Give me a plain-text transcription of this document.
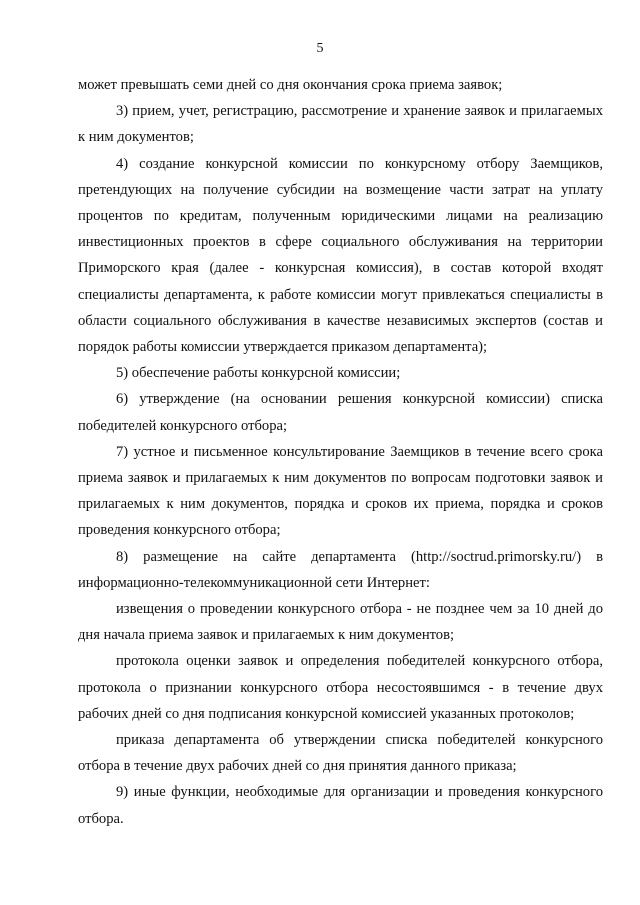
5

может превышать семи дней со дня окончания срока приема заявок;

3) прием, учет, регистрацию, рассмотрение и хранение заявок и прилагаемых к ним документов;

4) создание конкурсной комиссии по конкурсному отбору Заемщиков, претендующих на получение субсидии на возмещение части затрат на уплату процентов по кредитам, полученным юридическими лицами на реализацию инвестиционных проектов в сфере социального обслуживания на территории Приморского края (далее - конкурсная комиссия), в состав которой входят специалисты департамента, к работе комиссии могут привлекаться специалисты в области социального обслуживания в качестве независимых экспертов (состав и порядок работы комиссии утверждается приказом департамента);

5) обеспечение работы конкурсной комиссии;

6) утверждение (на основании решения конкурсной комиссии) списка победителей конкурсного отбора;

7) устное и письменное консультирование Заемщиков в течение всего срока приема заявок и прилагаемых к ним документов по вопросам подготовки заявок и прилагаемых к ним документов, порядка и сроков их приема, порядка и сроков проведения конкурсного отбора;

8) размещение на сайте департамента (http://soctrud.primorsky.ru/) в информационно-телекоммуникационной сети Интернет:

извещения о проведении конкурсного отбора - не позднее чем за 10 дней до дня начала приема заявок и прилагаемых к ним документов;

протокола оценки заявок и определения победителей конкурсного отбора, протокола о признании конкурсного отбора несостоявшимся - в течение двух рабочих дней со дня подписания конкурсной комиссией указанных протоколов;

приказа департамента об утверждении списка победителей конкурсного отбора в течение двух рабочих дней со дня принятия данного приказа;

9) иные функции, необходимые для организации и проведения конкурсного отбора.
